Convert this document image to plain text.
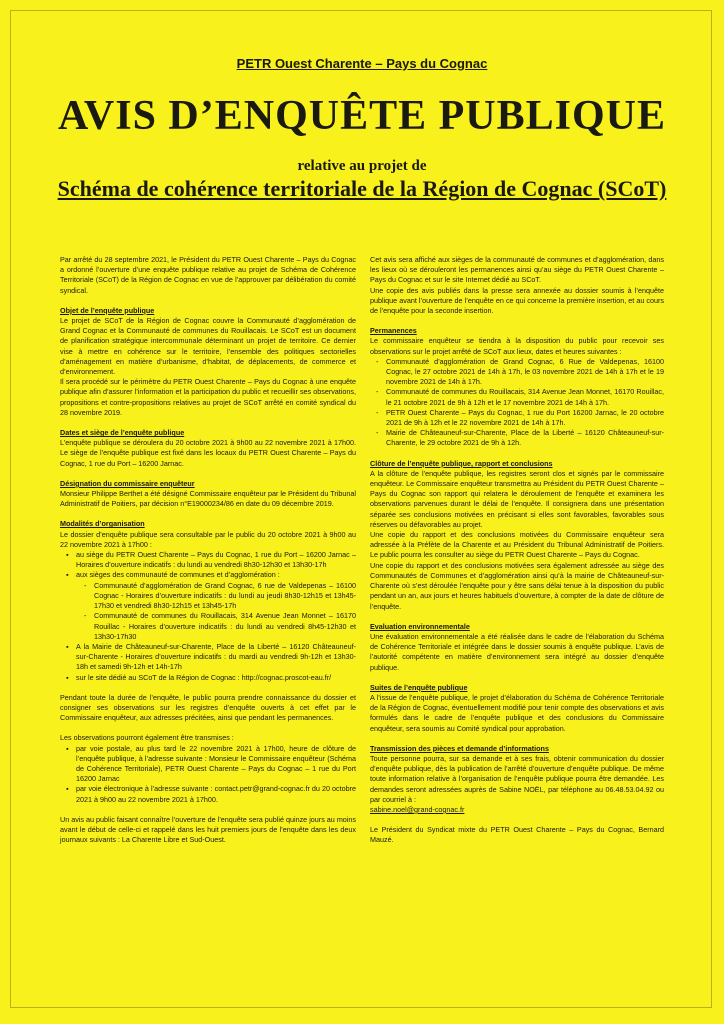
PETR Ouest Charente – Pays du Cognac
AVIS D’ENQUÊTE PUBLIQUE
relative au projet de
Schéma de cohérence territoriale de la Région de Cognac (SCoT)

Par arrêté du 28 septembre 2021, le Président du PETR Ouest Charente – Pays du Cognac a ordonné l’ouverture d’une enquête publique relative au projet de Schéma de Cohérence Territoriale (SCoT) de la Région de Cognac en vue de l’approuver par délibération du comité syndical.

Objet de l’enquête publique

Le projet de SCoT de la Région de Cognac couvre la Communauté d’agglomération de Grand Cognac et la Communauté de communes du Rouillacais. Le SCoT est un document de planification stratégique intercommunale déterminant un projet de territoire. Ce dernier vise à mettre en cohérence sur le territoire, l’ensemble des politiques sectorielles d’aménagement en matière d’urbanisme, d’habitat, de déplacements, de commerce et d’environnement.

Il sera procédé sur le périmètre du PETR Ouest Charente – Pays du Cognac à une enquête publique afin d’assurer l’information et la participation du public et recueillir ses observations, propositions et contre-propositions relatives au projet de SCoT arrêté en comité syndical du 28 novembre 2019.

Dates et siège de l’enquête publique

L’enquête publique se déroulera du 20 octobre 2021 à 9h00 au 22 novembre 2021 à 17h00. Le siège de l’enquête publique est fixé dans les locaux du PETR Ouest Charente – Pays du Cognac, 1 rue du Port – 16200 Jarnac.

Désignation du commissaire enquêteur

Monsieur Philippe Berthet a été désigné Commissaire enquêteur par le Président du Tribunal Administratif de Poitiers, par décision n°E19000234/86 en date du 09 décembre 2019.

Modalités d’organisation

Le dossier d’enquête publique sera consultable par le public du 20 octobre 2021 à 9h00 au 22 novembre 2021 à 17h00 :

▪ au siège du PETR Ouest Charente – Pays du Cognac, 1 rue du Port – 16200 Jarnac – Horaires d’ouverture indicatifs : du lundi au vendredi 8h30-12h30 et 13h30-17h
▪ aux sièges des communauté de communes et d’agglomération :
- Communauté d’agglomération de Grand Cognac, 6 rue de Valdepenas – 16100 Cognac - Horaires d’ouverture indicatifs : du lundi au jeudi 8h30-12h15 et 13h45-17h30 et vendredi 8h30-12h15 et 13h45-17h
- Communauté de communes du Rouillacais, 314 Avenue Jean Monnet – 16170 Rouillac - Horaires d’ouverture indicatifs : du lundi au vendredi 8h45-12h30 et 13h30-17h30
▪ A la Mairie de Châteauneuf-sur-Charente, Place de la Liberté – 16120 Châteauneuf-sur-Charente - Horaires d’ouverture indicatifs : du mardi au vendredi 9h-12h et 13h30-18h et samedi 9h-12h et 14h-17h
▪ sur le site dédié au SCoT de la Région de Cognac : http://cognac.proscot-eau.fr/

Pendant toute la durée de l’enquête, le public pourra prendre connaissance du dossier et consigner ses observations sur les registres d’enquête ouverts à cet effet par le Commissaire enquêteur, aux adresses précitées, ainsi que pendant les permanences.

Les observations pourront également être transmises :

▪ par voie postale, au plus tard le 22 novembre 2021 à 17h00, heure de clôture de l’enquête publique, à l’adresse suivante : Monsieur le Commissaire enquêteur (Schéma de Cohérence Territoriale), PETR Ouest Charente – Pays du Cognac – 1 rue du Port 16200 Jarnac
▪ par voie électronique à l’adresse suivante : contact.petr@grand-cognac.fr du 20 octobre 2021 à 9h00 au 22 novembre 2021 à 17h00.

Un avis au public faisant connaître l’ouverture de l’enquête sera publié quinze jours au moins avant le début de celle-ci et rappelé dans les huit premiers jours de l’enquête dans les deux journaux suivants : La Charente Libre et Sud-Ouest.

Cet avis sera affiché aux sièges de la communauté de communes et d’agglomération, dans les lieux où se dérouleront les permanences ainsi qu’au siège du PETR Ouest Charente – Pays du Cognac et sur le site Internet dédié au SCoT.

Une copie des avis publiés dans la presse sera annexée au dossier soumis à l’enquête publique avant l’ouverture de l’enquête en ce qui concerne la première insertion, et au cours de l’enquête pour la seconde insertion.

Permanences

Le commissaire enquêteur se tiendra à la disposition du public pour recevoir ses observations sur le projet arrêté de SCoT aux lieux, dates et heures suivantes :

- Communauté d’agglomération de Grand Cognac, 6 Rue de Valdepenas, 16100 Cognac, le 27 octobre 2021 de 14h à 17h, le 03 novembre 2021 de 14h à 17h et le 19 novembre 2021 de 14h à 17h.
- Communauté de communes du Rouillacais, 314 Avenue Jean Monnet, 16170 Rouillac, le 21 octobre 2021 de 9h à 12h et le 17 novembre 2021 de 14h à 17h.
- PETR Ouest Charente – Pays du Cognac, 1 rue du Port 16200 Jarnac, le 20 octobre 2021 de 9h à 12h et le 22 novembre 2021 de 14h à 17h.
- Mairie de Châteauneuf-sur-Charente, Place de la Liberté – 16120 Châteauneuf-sur-Charente, le 29 octobre 2021 de 9h à 12h.
Clôture de l’enquête publique, rapport et conclusions

A la clôture de l’enquête publique, les registres seront clos et signés par le commissaire enquêteur. Le Commissaire enquêteur transmettra au Président du PETR Ouest Charente – Pays du Cognac son rapport qui relatera le déroulement de l’enquête et examinera les observations parvenues durant le délai de l’enquête. Il consignera dans une présentation séparée ses conclusions motivées en précisant si elles sont favorables, favorables sous réserves ou défavorables au projet.

Une copie du rapport et des conclusions motivées du Commissaire enquêteur sera adressée à la Préfète de la Charente et au Président du Tribunal Administratif de Poitiers. Le public pourra les consulter au siège du PETR Ouest Charente – Pays du Cognac.

Une copie du rapport et des conclusions motivées sera également adressée au siège des Communautés de Communes et d’agglomération ainsi qu’à la mairie de Châteauneuf-sur-Charente où s’est déroulée l’enquête pour y être sans délai tenue à la disposition du public pendant un an, aux jours et heures habituels d’ouverture, à compter de la date de clôture de l’enquête.

Evaluation environnementale

Une évaluation environnementale a été réalisée dans le cadre de l’élaboration du Schéma de Cohérence Territoriale et intégrée dans le dossier soumis à enquête publique. L’avis de l’autorité compétente en matière d’environnement sera intégré au dossier d’enquête publique.

Suites de l’enquête publique

A l’issue de l’enquête publique, le projet d’élaboration du Schéma de Cohérence Territoriale de la Région de Cognac, éventuellement modifié pour tenir compte des observations et avis formulés dans le cadre de l’enquête publique et des conclusions du Commissaire enquêteur, sera soumis au Comité syndical pour approbation.

Transmission des pièces et demande d’informations

Toute personne pourra, sur sa demande et à ses frais, obtenir communication du dossier d’enquête publique, dès la publication de l’arrêté d’ouverture d’enquête publique. De même toute information relative à l’organisation de l’enquête publique pourra être demandée. Les demandes seront adressées auprès de Sabine NOËL, par téléphone au 06.48.53.04.92 ou par courriel à :

sabine.noel@grand-cognac.fr

Le Président du Syndicat mixte du PETR Ouest Charente – Pays du Cognac, Bernard Mauzé.
